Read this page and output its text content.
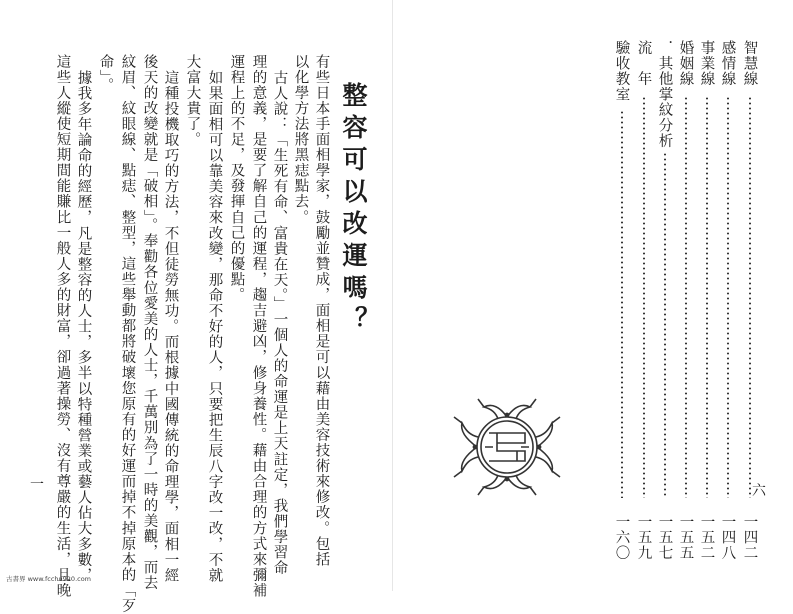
智慧線
一四二
感情線
一四八
事業線
一五二
婚姻線
一五五
．其他掌紋分析
一五七
流　年
一五九
驗收教室
一六〇
六
整容可以改運嗎？
有些日本手面相學家，鼓勵並贊成，面相是可以藉由美容技術來修改。包括
以化學方法將黑痣點去。
古人說：「生死有命、富貴在天。」一個人的命運是上天註定，我們學習命
理的意義，是要了解自己的運程，趨吉避凶，修身養性。藉由合理的方式來彌補
運程上的不足，及發揮自己的優點。
如果面相可以靠美容來改變，那命不好的人，只要把生辰八字改一改，不就
大富大貴了。
這種投機取巧的方法，不但徒勞無功。而根據中國傳統的命理學，面相一經
後天的改變就是「破相」。奉勸各位愛美的人士，千萬別為了一時的美觀，而去
紋眉、紋眼線、點痣、整型，這些舉動都將破壞您原有的好運而掉不掉原本的「歹
命」。
據我多年論命的經歷，凡是整容的人士，多半以特種營業或藝人佔大多數，
這些人縱使短期間能賺比一般人多的財富，卻過著操勞、沒有尊嚴的生活，且晚
一
古書界 www.fcchu920.com
